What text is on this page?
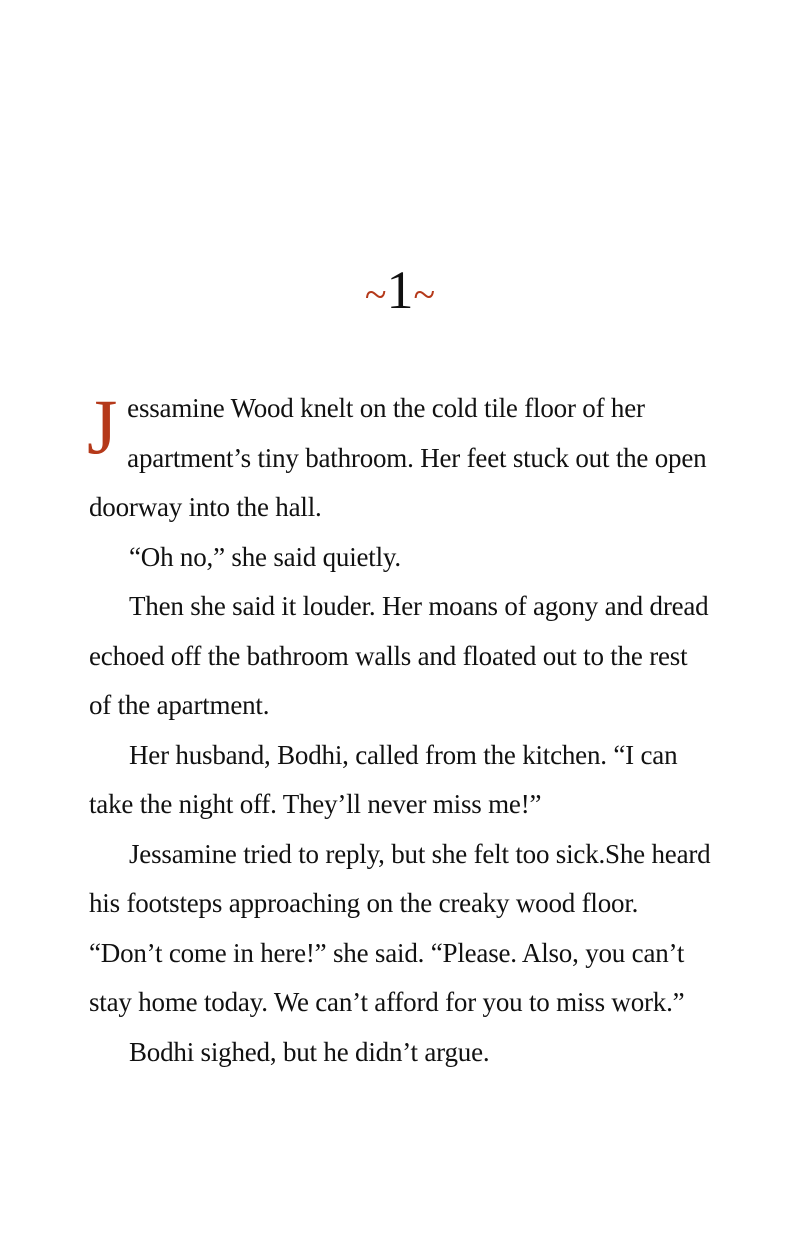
~1~

Jessamine Wood knelt on the cold tile floor of her apartment’s tiny bathroom. Her feet stuck out the open doorway into the hall.

“Oh no,” she said quietly.

Then she said it louder. Her moans of agony and dread echoed off the bathroom walls and floated out to the rest of the apartment.

Her husband, Bodhi, called from the kitchen. “I can take the night off. They’ll never miss me!”

Jessamine tried to reply, but she felt too sick.She heard his footsteps approaching on the creaky wood floor. “Don’t come in here!” she said. “Please. Also, you can’t stay home today. We can’t afford for you to miss work.”

Bodhi sighed, but he didn’t argue.
